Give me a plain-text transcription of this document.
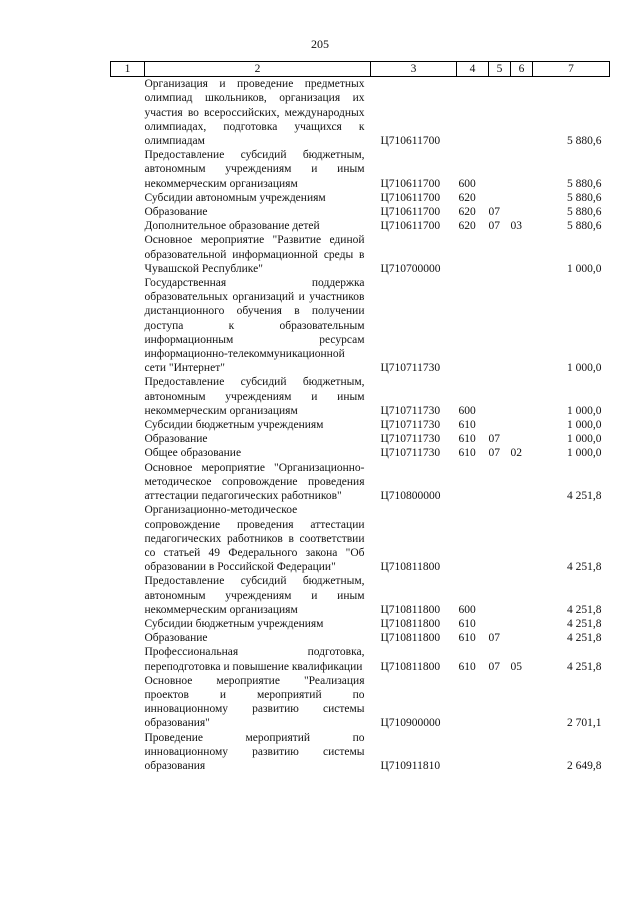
205
1	2	3	4	5	6	7
	Организация и проведение предметных олимпиад школьников, организация их участия во всероссийских, международных олимпиадах, подготовка учащихся к олимпиадам	Ц710611700				5 880,6
	Предоставление субсидий бюджетным, автономным учреждениям и иным некоммерческим организациям	Ц710611700	600			5 880,6
	Субсидии автономным учреждениям	Ц710611700	620			5 880,6
	Образование	Ц710611700	620	07		5 880,6
	Дополнительное образование детей	Ц710611700	620	07	03	5 880,6
	Основное мероприятие "Развитие единой образовательной информационной среды в Чувашской Республике"	Ц710700000				1 000,0
	Государственная поддержка образовательных организаций и участников дистанционного обучения в получении доступа к образовательным информационным ресурсам информационно-телекоммуникационной сети "Интернет"	Ц710711730				1 000,0
	Предоставление субсидий бюджетным, автономным учреждениям и иным некоммерческим организациям	Ц710711730	600			1 000,0
	Субсидии бюджетным учреждениям	Ц710711730	610			1 000,0
	Образование	Ц710711730	610	07		1 000,0
	Общее образование	Ц710711730	610	07	02	1 000,0
	Основное мероприятие "Организационно-методическое сопровождение проведения аттестации педагогических работников"	Ц710800000				4 251,8
	Организационно-методическое сопровождение проведения аттестации педагогических работников в соответствии со статьей 49 Федерального закона "Об образовании в Российской Федерации"	Ц710811800				4 251,8
	Предоставление субсидий бюджетным, автономным учреждениям и иным некоммерческим организациям	Ц710811800	600			4 251,8
	Субсидии бюджетным учреждениям	Ц710811800	610			4 251,8
	Образование	Ц710811800	610	07		4 251,8
	Профессиональная подготовка, переподготовка и повышение квалификации	Ц710811800	610	07	05	4 251,8
	Основное мероприятие "Реализация проектов и мероприятий по инновационному развитию системы образования"	Ц710900000				2 701,1
	Проведение мероприятий по инновационному развитию системы образования	Ц710911810				2 649,8
